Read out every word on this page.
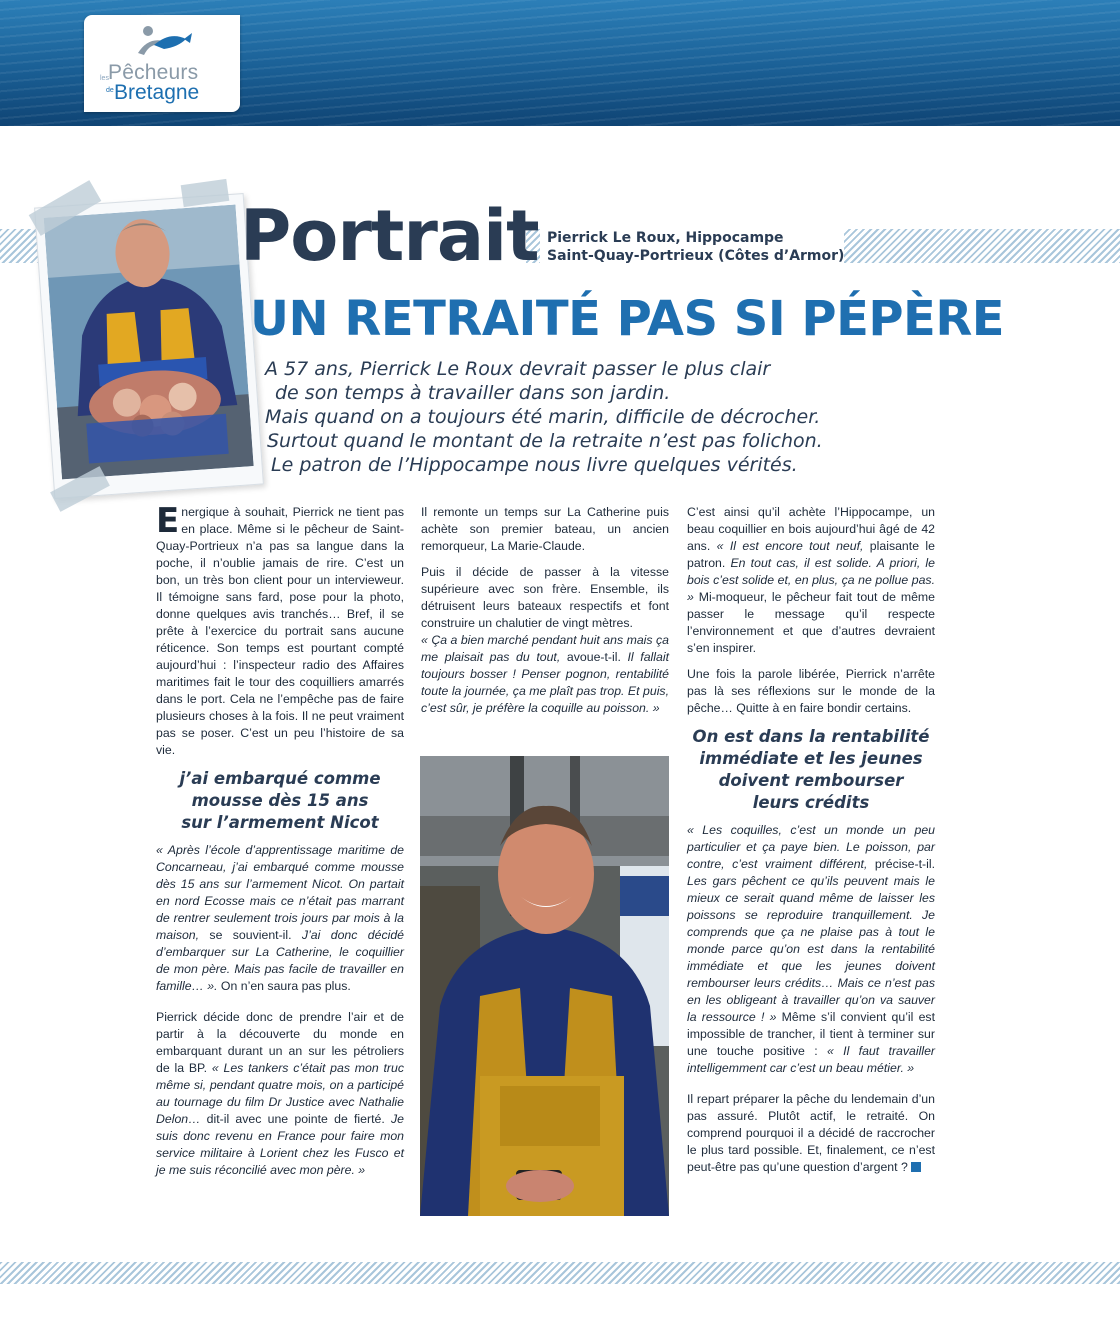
les Pêcheurs
de Bretagne
Portrait Pierrick Le Roux, Hippocampe
Saint-Quay-Portrieux (Côtes d’Armor)
UN RETRAITÉ PAS SI PÉPÈRE
A 57 ans, Pierrick Le Roux devrait passer le plus clair
de son temps à travailler dans son jardin.
Mais quand on a toujours été marin, difficile de décrocher.
Surtout quand le montant de la retraite n’est pas folichon.
Le patron de l’Hippocampe nous livre quelques vérités.

Energique à souhait, Pierrick ne tient pas en place. Même si le pêcheur de Saint-Quay-Portrieux n’a pas sa langue dans la poche, il n’oublie jamais de rire. C’est un bon, un très bon client pour un intervieweur. Il témoigne sans fard, pose pour la photo, donne quelques avis tranchés… Bref, il se prête à l’exercice du portrait sans aucune réticence. Son temps est pourtant compté aujourd’hui : l’inspecteur radio des Affaires maritimes fait le tour des coquilliers amarrés dans le port. Cela ne l’empêche pas de faire plusieurs choses à la fois. Il ne peut vraiment pas se poser. C’est un peu l’histoire de sa vie.

j’ai embarqué comme
mousse dès 15 ans
sur l’armement Nicot

« Après l’école d’apprentissage maritime de Concarneau, j’ai embarqué comme mousse dès 15 ans sur l’armement Nicot. On partait en nord Ecosse mais ce n’était pas marrant de rentrer seulement trois jours par mois à la maison, se souvient-il. J’ai donc décidé d’embarquer sur La Catherine, le coquillier de mon père. Mais pas facile de travailler en famille… ». On n’en saura pas plus.

Pierrick décide donc de prendre l’air et de partir à la découverte du monde en embarquant durant un an sur les pétroliers de la BP. « Les tankers c’était pas mon truc même si, pendant quatre mois, on a participé au tournage du film Dr Justice avec Nathalie Delon… dit-il avec une pointe de fierté. Je suis donc revenu en France pour faire mon service militaire à Lorient chez les Fusco et je me suis réconcilié avec mon père. »

Il remonte un temps sur La Catherine puis achète son premier bateau, un ancien remorqueur, La Marie-Claude.

Puis il décide de passer à la vitesse supérieure avec son frère. Ensemble, ils détruisent leurs bateaux respectifs et font construire un chalutier de vingt mètres.

« Ça a bien marché pendant huit ans mais ça me plaisait pas du tout, avoue-t-il. Il fallait toujours bosser ! Penser pognon, rentabilité toute la journée, ça me plaît pas trop. Et puis, c’est sûr, je préfère la coquille au poisson. »

C’est ainsi qu’il achète l’Hippocampe, un beau coquillier en bois aujourd’hui âgé de 42 ans. « Il est encore tout neuf, plaisante le patron. En tout cas, il est solide. A priori, le bois c’est solide et, en plus, ça ne pollue pas. » Mi-moqueur, le pêcheur fait tout de même passer le message qu’il respecte l’environnement et que d’autres devraient s’en inspirer.

Une fois la parole libérée, Pierrick n’arrête pas là ses réflexions sur le monde de la pêche… Quitte à en faire bondir certains.

On est dans la rentabilité
immédiate et les jeunes
doivent rembourser
leurs crédits

« Les coquilles, c’est un monde un peu particulier et ça paye bien. Le poisson, par contre, c’est vraiment différent, précise-t-il. Les gars pêchent ce qu’ils peuvent mais le mieux ce serait quand même de laisser les poissons se reproduire tranquillement. Je comprends que ça ne plaise pas à tout le monde parce qu’on est dans la rentabilité immédiate et que les jeunes doivent rembourser leurs crédits… Mais ce n’est pas en les obligeant à travailler qu’on va sauver la ressource ! » Même s’il convient qu’il est impossible de trancher, il tient à terminer sur une touche positive : « Il faut travailler intelligemment car c’est un beau métier. »

Il repart préparer la pêche du lendemain d’un pas assuré. Plutôt actif, le retraité. On comprend pourquoi il a décidé de raccrocher le plus tard possible. Et, finalement, ce n’est peut-être pas qu’une question d’argent ?
